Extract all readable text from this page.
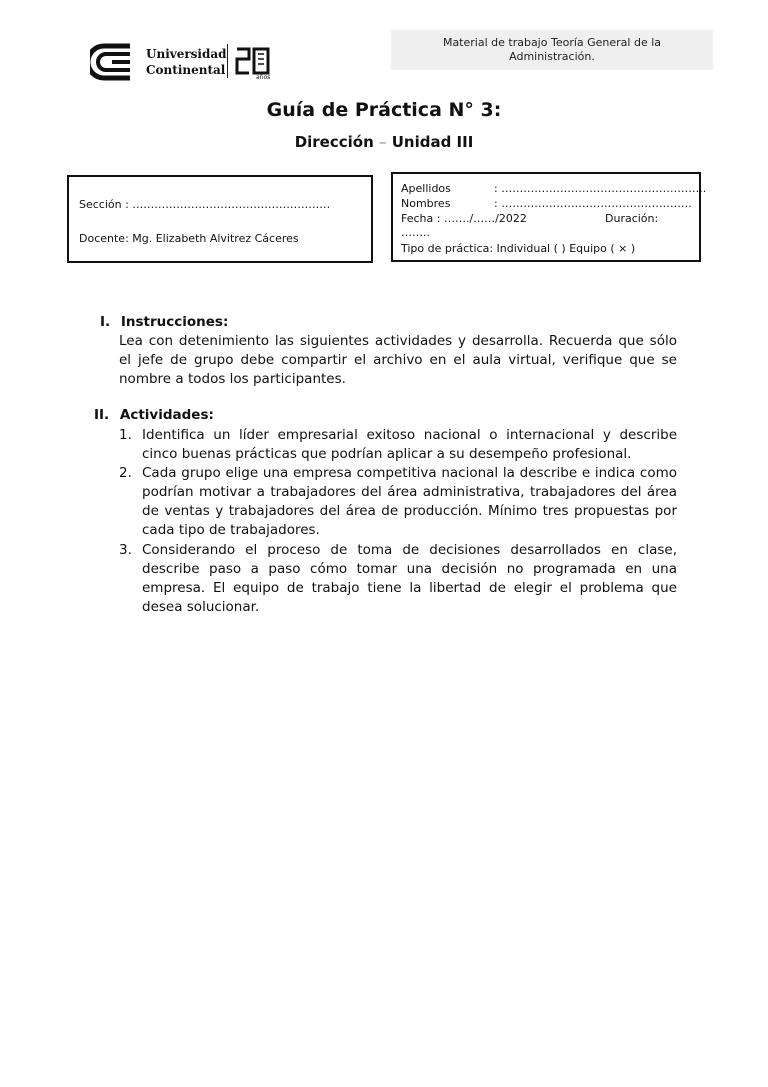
Material de trabajo Teoría General de la
Administración.
Universidad
Continental
años
Guía de Práctica N° 3:
Dirección – Unidad III
Sección : ………………………………………………
Docente: Mg. Elizabeth Alvitrez Cáceres
Apellidos	: ………………………………………………..
Nombres	: …………………………………………….
Fecha : ……./……/2022	Duración:
……..
Tipo de práctica: Individual ( ) Equipo ( × )
I. Instrucciones:
Lea con detenimiento las siguientes actividades y desarrolla. Recuerda que sólo el jefe de grupo debe compartir el archivo en el aula virtual, verifique que se nombre a todos los participantes.
II. Actividades:
1. Identifica un líder empresarial exitoso nacional o internacional y describe cinco buenas prácticas que podrían aplicar a su desempeño profesional.
2. Cada grupo elige una empresa competitiva nacional la describe e indica como podrían motivar a trabajadores del área administrativa, trabajadores del área de ventas y trabajadores del área de producción. Mínimo tres propuestas por cada tipo de trabajadores.
3. Considerando el proceso de toma de decisiones desarrollados en clase, describe paso a paso cómo tomar una decisión no programada en una empresa. El equipo de trabajo tiene la libertad de elegir el problema que desea solucionar.
